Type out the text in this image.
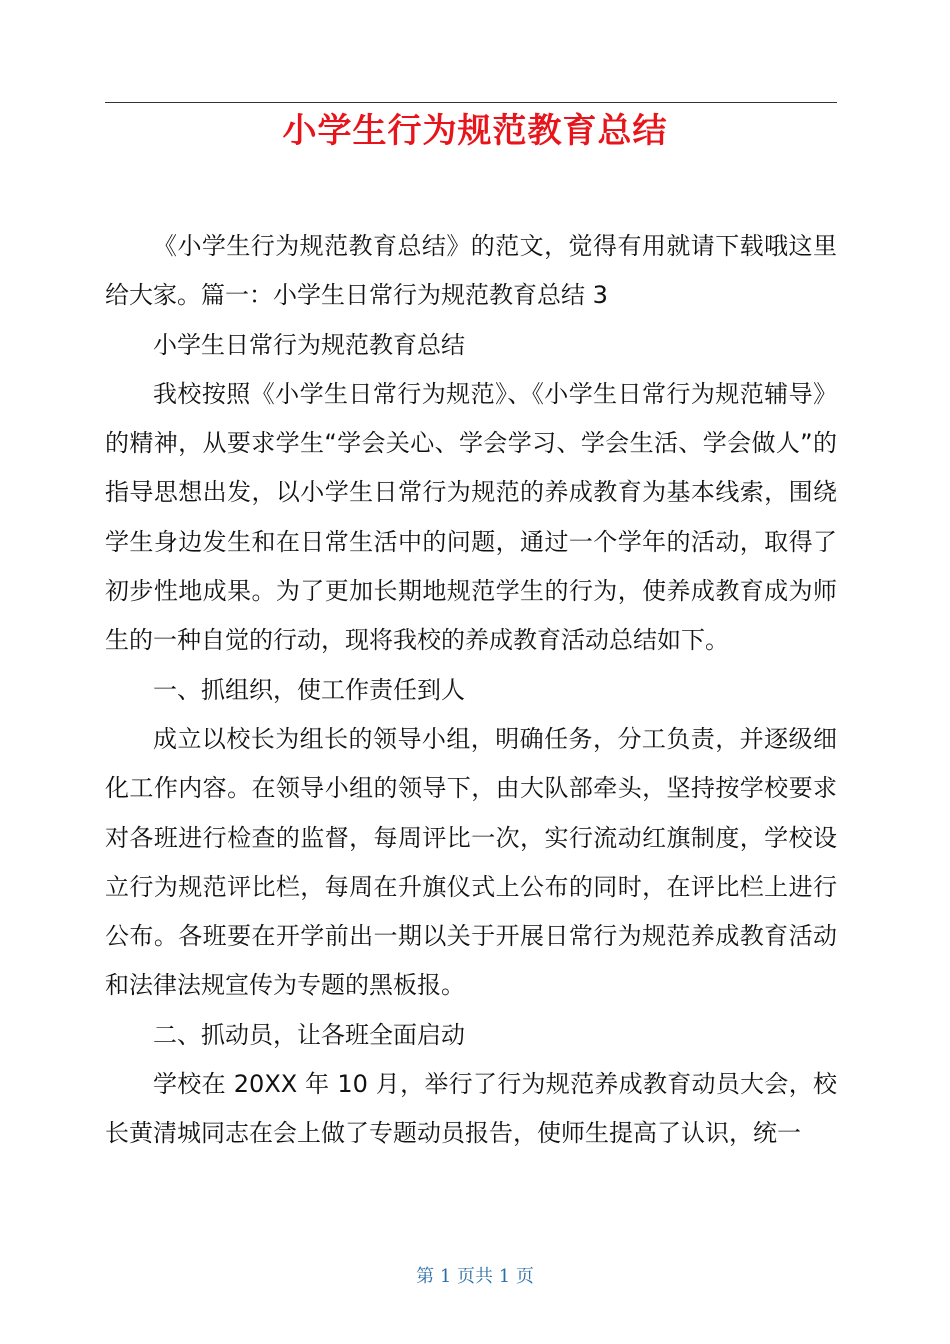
小学生行为规范教育总结

《小学生行为规范教育总结》的范文，觉得有用就请下载哦这里给大家。篇一：小学生日常行为规范教育总结 3

小学生日常行为规范教育总结

我校按照《小学生日常行为规范》、《小学生日常行为规范辅导》的精神，从要求学生“学会关心、学会学习、学会生活、学会做人”的指导思想出发，以小学生日常行为规范的养成教育为基本线索，围绕学生身边发生和在日常生活中的问题，通过一个学年的活动，取得了初步性地成果。为了更加长期地规范学生的行为，使养成教育成为师生的一种自觉的行动，现将我校的养成教育活动总结如下。

一、抓组织，使工作责任到人

成立以校长为组长的领导小组，明确任务，分工负责，并逐级细化工作内容。在领导小组的领导下，由大队部牵头，坚持按学校要求对各班进行检查的监督，每周评比一次，实行流动红旗制度，学校设立行为规范评比栏，每周在升旗仪式上公布的同时，在评比栏上进行公布。各班要在开学前出一期以关于开展日常行为规范养成教育活动和法律法规宣传为专题的黑板报。

二、抓动员，让各班全面启动

学校在 20XX 年 10 月，举行了行为规范养成教育动员大会，校长黄清城同志在会上做了专题动员报告，使师生提高了认识，统一

第 1 页共 1 页
